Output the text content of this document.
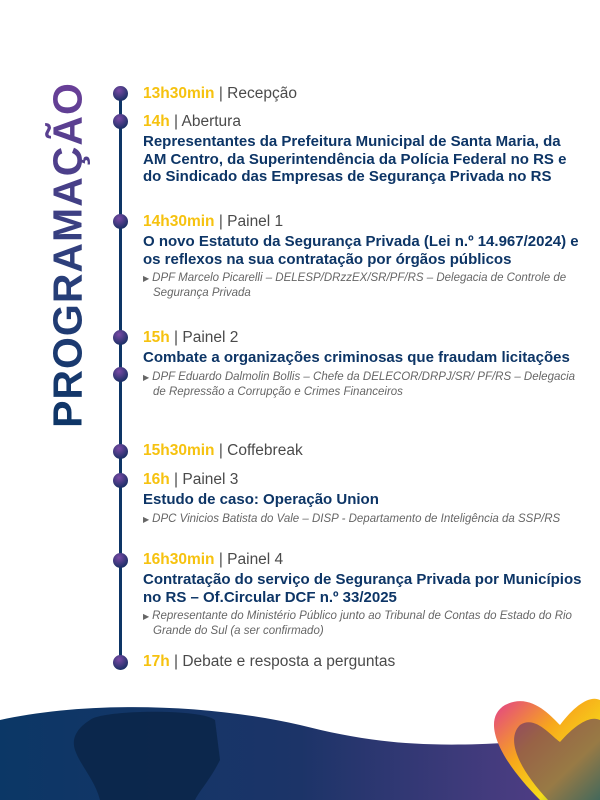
PROGRAMAÇÃO	13h30min | Recepção
14h | Abertura
Representantes da Prefeitura Municipal de Santa Maria, da AM Centro, da Superintendência da Polícia Federal no RS e do Sindicado das Empresas de Segurança Privada no RS
14h30min | Painel 1
O novo Estatuto da Segurança Privada (Lei n.º 14.967/2024) e os reflexos na sua contratação por órgãos públicos
▶ DPF Marcelo Picarelli – DELESP/DRzzEX/SR/PF/RS – Delegacia de Controle de Segurança Privada
15h | Painel 2
Combate a organizações criminosas que fraudam licitações
▶ DPF Eduardo Dalmolin Bollis – Chefe da DELECOR/DRPJ/SR/ PF/RS – Delegacia de Repressão a Corrupção e Crimes Financeiros
15h30min | Coffebreak
16h | Painel 3
Estudo de caso: Operação Union
▶ DPC Vinicios Batista do Vale – DISP - Departamento de Inteligência da SSP/RS
16h30min | Painel 4
Contratação do serviço de Segurança Privada por Municípios no RS – Of.Circular DCF n.º 33/2025
▶ Representante do Ministério Público junto ao Tribunal de Contas do Estado do Rio Grande do Sul (a ser confirmado)
17h | Debate e resposta a perguntas
